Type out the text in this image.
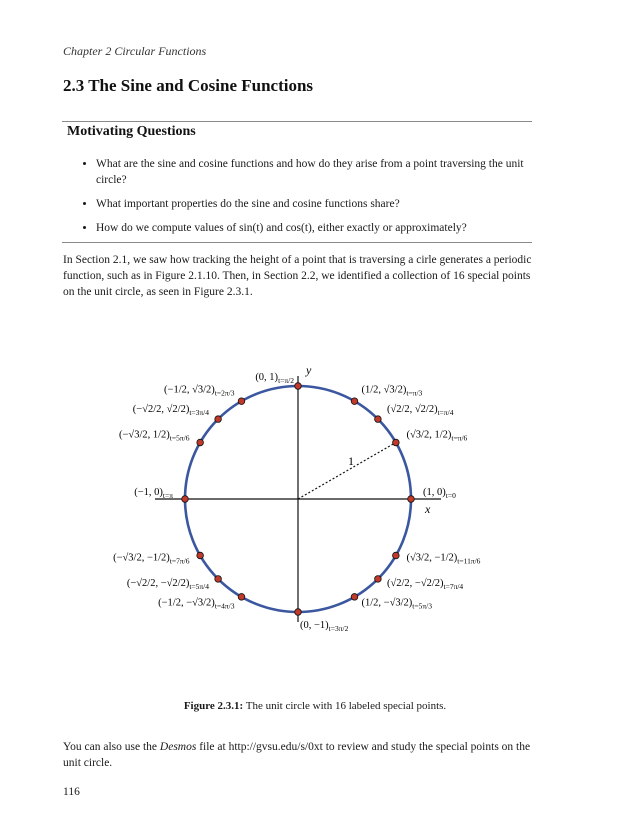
Chapter 2 Circular Functions
2.3 The Sine and Cosine Functions
Motivating Questions
• What are the sine and cosine functions and how do they arise from a point traversing the unit circle?
• What important properties do the sine and cosine functions share?
• How do we compute values of sin(t) and cos(t), either exactly or approximately?

In Section 2.1, we saw how tracking the height of a point that is traversing a cirle generates a periodic function, such as in Figure 2.1.10. Then, in Section 2.2, we identified a collection of 16 special points on the unit circle, as seen in Figure 2.3.1.

x
y
1
(1, $0)_{t=0}$
(√3/2, $1/2)_{t=\pi/6}$
(√2/2, $√2/2)_{t=\pi/4}$
(1/2, $√3/2)_{t=\pi/3}$
(0, $1)_{t=\pi/2}$
(−1/2, $√3/2)_{t=2\pi/3}$
(−√2/2, $√2/2)_{t=3\pi/4}$
(−√3/2, $1/2)_{t=5\pi/6}$
(−1, $0)_{t=\pi}$
(−√3/2, $-1/2)_{t=7\pi/6}$
(−√2/2, $-√2/2)_{t=5\pi/4}$
(−1/2, $-√3/2)_{t=4\pi/3}$
(0, $-1)_{t=3\pi/2}$
(1/2, $-√3/2)_{t=5\pi/3}$
(√2/2, $-√2/2)_{t=7\pi/4}$
(√3/2, $-1/2)_{t=11\pi/6}$
Figure 2.3.1: The unit circle with 16 labeled special points.

You can also use the Desmos file at http://gvsu.edu/s/0xt to review and study the special points on the unit circle.

116
